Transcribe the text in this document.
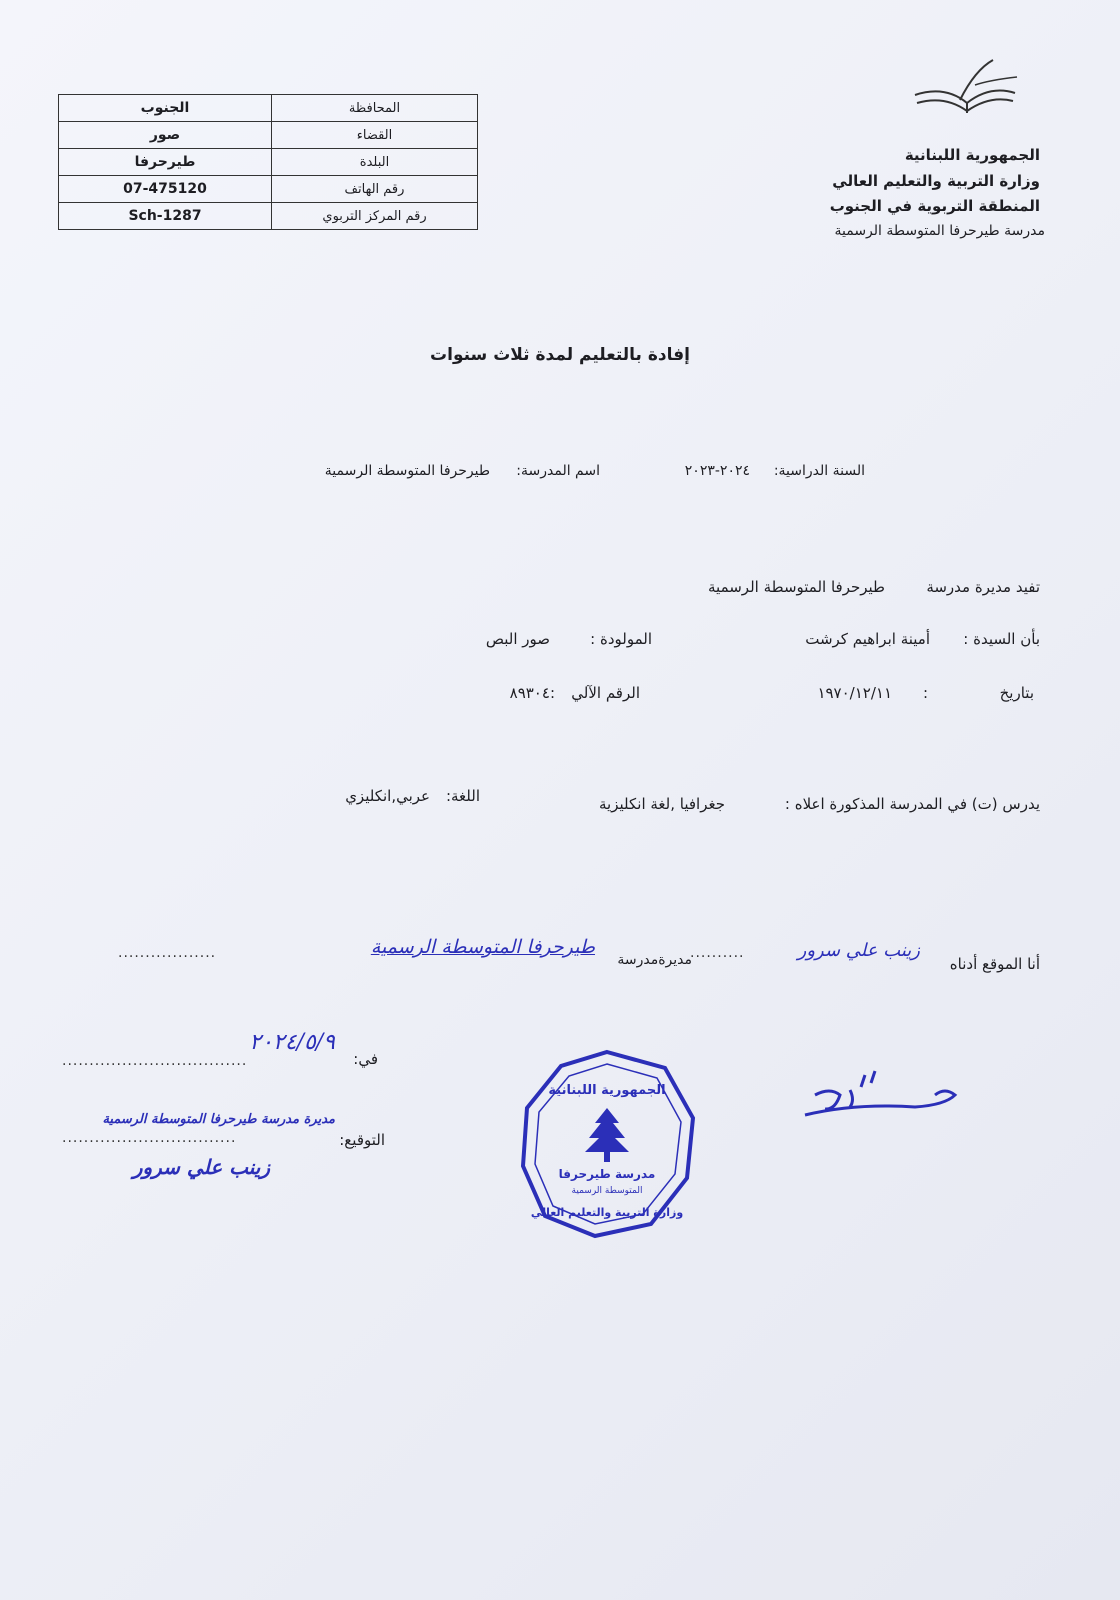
الجمهورية اللبنانية
وزارة التربية والتعليم العالي
المنطقة التربوية في الجنوب
مدرسة طيرحرفا المتوسطة الرسمية
الجنوب	المحافظة
صور	القضاء
طيرحرفا	البلدة
07-475120	رقم الهاتف
Sch-1287	رقم المركز التربوي
إفادة بالتعليم لمدة ثلاث سنوات
السنة الدراسية:
٢٠٢٤-٢٠٢٣
اسم المدرسة:
طيرحرفا المتوسطة الرسمية
تفيد مديرة مدرسة
طيرحرفا المتوسطة الرسمية
بأن السيدة :
أمينة ابراهيم كرشت
المولودة :
صور البص
بتاريخ
:
١٩٧٠/١٢/١١
الرقم الآلي
:٨٩٣٠٤
يدرس (ت) في المدرسة المذكورة اعلاه :
جغرافيا ,لغة انكليزية
اللغة:
عربي,انكليزي
أنا الموقع أدناه
زينب علي سرور
..........
مديرةمدرسة
طيرحرفا المتوسطة الرسمية
..................
في:
٢٠٢٤/٥/٩
..................................
التوقيع:
مديرة مدرسة طيرحرفا المتوسطة الرسمية
................................
زينب علي سرور
الجمهورية اللبنانية
مدرسة طيرحرفا
المتوسطة الرسمية
وزارة التربية والتعليم العالي
